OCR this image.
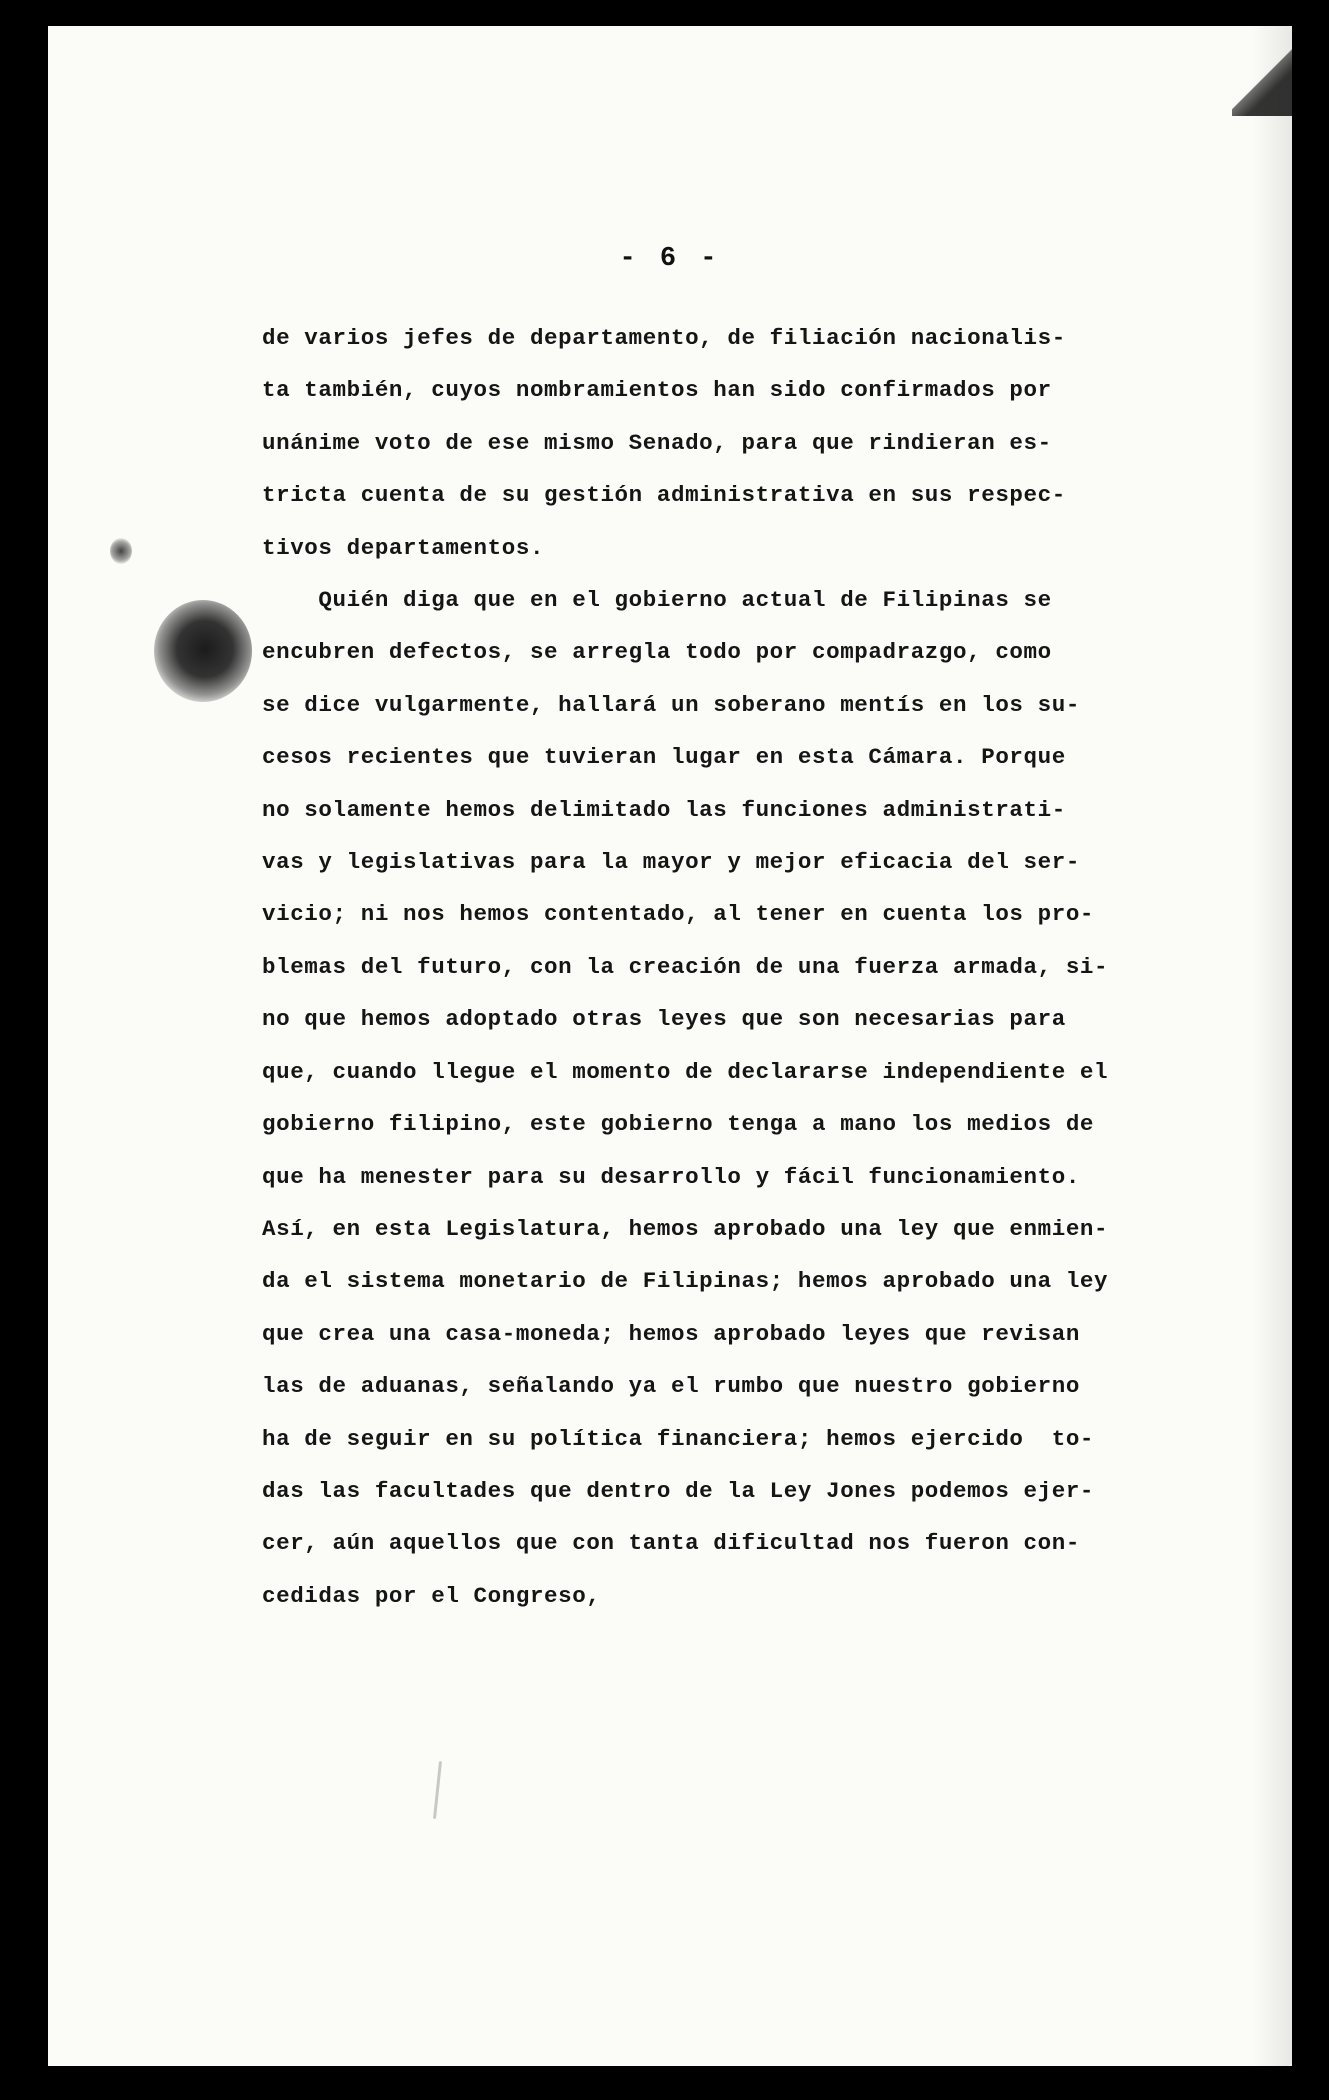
- 6 -
de varios jefes de departamento, de filiación nacionalis-
ta también, cuyos nombramientos han sido confirmados por
unánime voto de ese mismo Senado, para que rindieran es-
tricta cuenta de su gestión administrativa en sus respec-
tivos departamentos.
Quién diga que en el gobierno actual de Filipinas se
encubren defectos, se arregla todo por compadrazgo, como
se dice vulgarmente, hallará un soberano mentís en los su-
cesos recientes que tuvieran lugar en esta Cámara. Porque
no solamente hemos delimitado las funciones administrati-
vas y legislativas para la mayor y mejor eficacia del ser-
vicio; ni nos hemos contentado, al tener en cuenta los pro-
blemas del futuro, con la creación de una fuerza armada, si-
no que hemos adoptado otras leyes que son necesarias para
que, cuando llegue el momento de declararse independiente el
gobierno filipino, este gobierno tenga a mano los medios de
que ha menester para su desarrollo y fácil funcionamiento.
Así, en esta Legislatura, hemos aprobado una ley que enmien-
da el sistema monetario de Filipinas; hemos aprobado una ley
que crea una casa-moneda; hemos aprobado leyes que revisan
las de aduanas, señalando ya el rumbo que nuestro gobierno
ha de seguir en su política financiera; hemos ejercido  to-
das las facultades que dentro de la Ley Jones podemos ejer-
cer, aún aquellos que con tanta dificultad nos fueron con-
cedidas por el Congreso,
